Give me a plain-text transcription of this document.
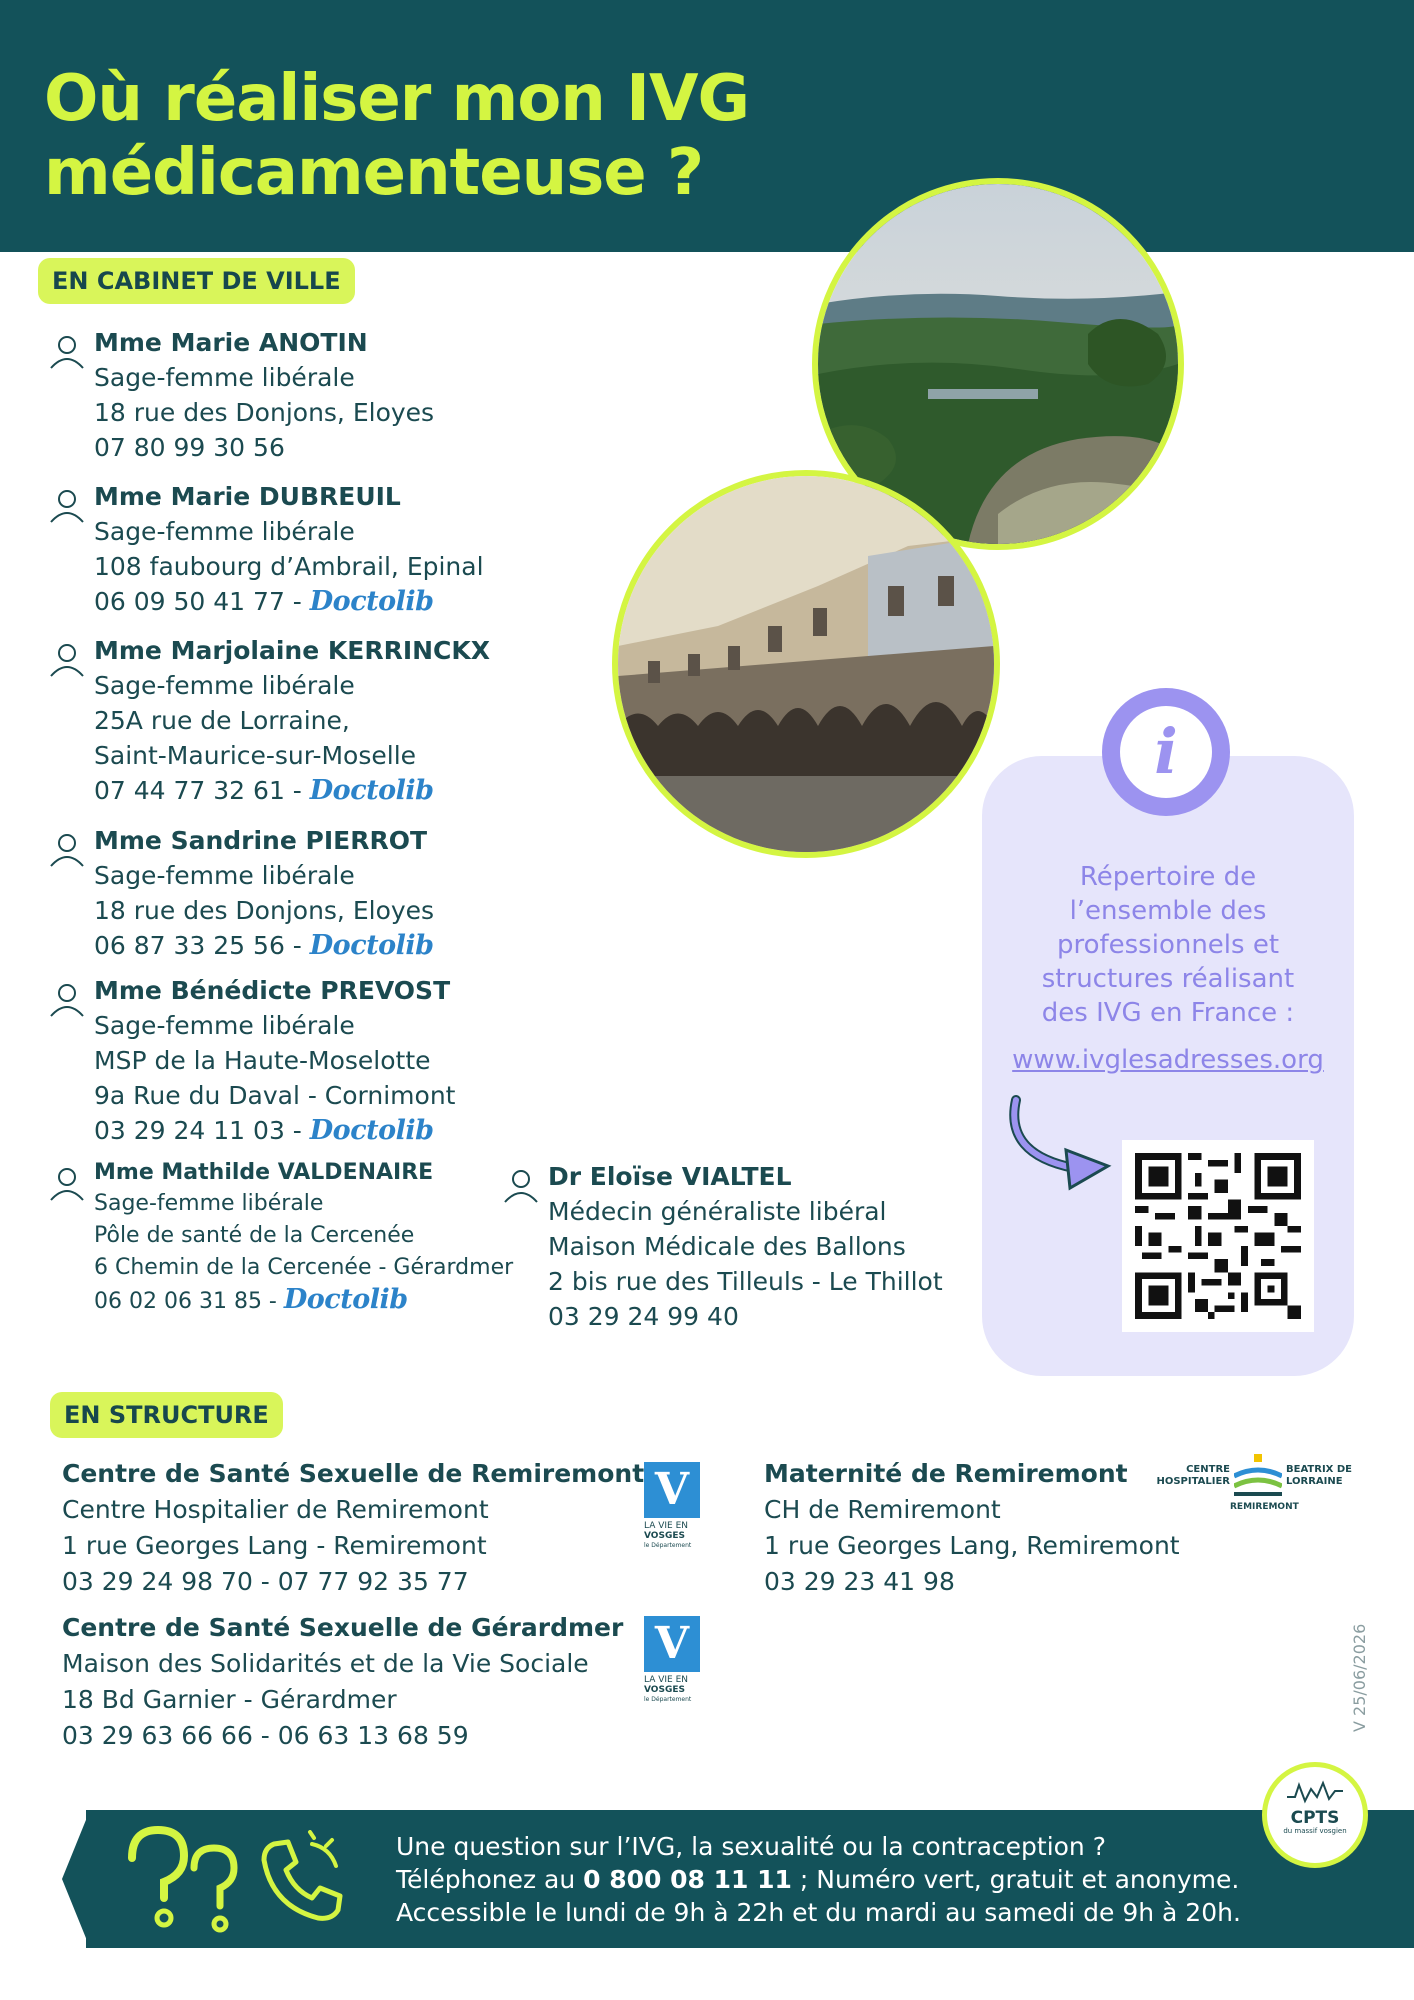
Où réaliser mon IVG
médicamenteuse ?
EN CABINET DE VILLE
Mme Marie ANOTIN
Sage-femme libérale
18 rue des Donjons, Eloyes
07 80 99 30 56
Mme Marie DUBREUIL
Sage-femme libérale
108 faubourg d’Ambrail, Epinal
06 09 50 41 77 - Doctolib
Mme Marjolaine KERRINCKX
Sage-femme libérale
25A rue de Lorraine,
Saint-Maurice-sur-Moselle
07 44 77 32 61 - Doctolib
Mme Sandrine PIERROT
Sage-femme libérale
18 rue des Donjons, Eloyes
06 87 33 25 56 - Doctolib
Mme Bénédicte PREVOST
Sage-femme libérale
MSP de la Haute-Moselotte
9a Rue du Daval - Cornimont
03 29 24 11 03 - Doctolib
Mme Mathilde VALDENAIRE
Sage-femme libérale
Pôle de santé de la Cercenée
6 Chemin de la Cercenée - Gérardmer
06 02 06 31 85 - Doctolib
Dr Eloïse VIALTEL
Médecin généraliste libéral
Maison Médicale des Ballons
2 bis rue des Tilleuls - Le Thillot
03 29 24 99 40
i
Répertoire de
l’ensemble des
professionnels et
structures réalisant
des IVG en France :
www.ivglesadresses.org
EN STRUCTURE
Centre de Santé Sexuelle de Remiremont
Centre Hospitalier de Remiremont
1 rue Georges Lang - Remiremont
03 29 24 98 70 - 07 77 92 35 77
V
LA VIE EN
VOSGES
le Département
Centre de Santé Sexuelle de Gérardmer
Maison des Solidarités et de la Vie Sociale
18 Bd Garnier - Gérardmer
03 29 63 66 66 - 06 63 13 68 59
V
LA VIE EN
VOSGES
le Département
Maternité de Remiremont
CH de Remiremont
1 rue Georges Lang, Remiremont
03 29 23 41 98
CENTRE HOSPITALIER
BEATRIX DE LORRAINE
REMIREMONT
V 25/06/2026
Une question sur l’IVG, la sexualité ou la contraception ?
Téléphonez au 0 800 08 11 11 ; Numéro vert, gratuit et anonyme.
Accessible le lundi de 9h à 22h et du mardi au samedi de 9h à 20h.
CPTS
du massif vosgien
